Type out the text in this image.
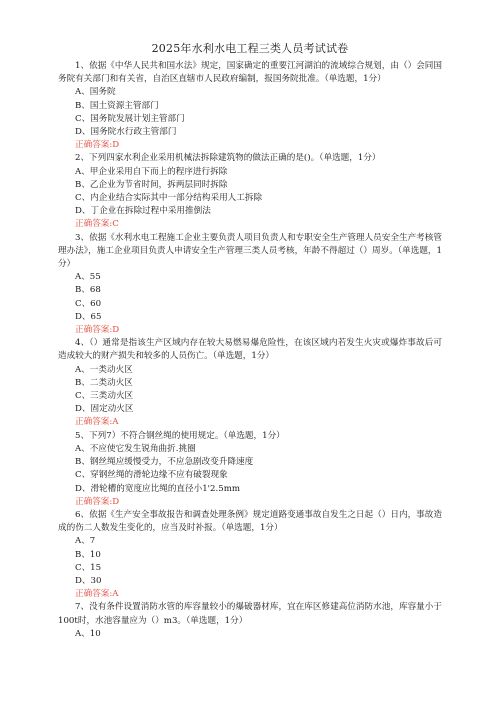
2025年水利水电工程三类人员考试试卷

1、依据《中华人民共和国水法》规定，国家确定的重要江河湖泊的流域综合规划，由（）会同国务院有关部门和有关省，自治区直辖市人民政府编制，报国务院批准。（单选题，1分）

A、国务院
B、国土资源主管部门
C、国务院发展计划主管部门
D、国务院水行政主管部门

正确答案:D

2、下列四家水利企业采用机械法拆除建筑物的做法正确的是()。（单选题，1分）

A、甲企业采用自下而上的程序进行拆除
B、乙企业为节省时间，拆两层同时拆除
C、内企业结合实际其中一部分结构采用人工拆除
D、丁企业在拆除过程中采用推倒法

正确答案:C

3、依据《水利水电工程施工企业主要负责人项目负责人和专职安全生产管理人员安全生产考核管理办法》，施工企业项目负责人申请安全生产管理三类人员考核，年龄不得超过（）周岁。（单选题，1分）

A、55
B、68
C、60
D、65

正确答案:D

4、（）通常是指该生产区域内存在较大易燃易爆危险性，在该区域内若发生火灾或爆炸事故后可造成较大的财产损失和较多的人员伤亡。（单选题，1分）

A、一类动火区
B、二类动火区
C、三类动火区
D、固定动火区

正确答案:A

5、下列7）不符合钢丝绳的使用规定。（单选题，1分）

A、不应使它发生锐角曲折.挑圈
B、钢丝绳应缓慢受力，不应急剧改变升降速度
C、穿钢丝绳的滑轮边缘不应有破裂现象
D、滑轮槽的宽度应比绳的直径小1'2.5mm

正确答案:D

6、依据《生产安全事故报告和调查处理条例》规定道路变通事故自发生之日起（）日内，事故造成的伤二人数发生变化的，应当及时补报。（单选题，1分）

A、7
B、10
C、15
D、30

正确答案:A

7、没有条件设置消防水管的库容量较小的爆破器材库，宜在库区修建高位消防水池，库容量小于100t时，水池容量应为（）m3。（单选题，1分）

A、10
